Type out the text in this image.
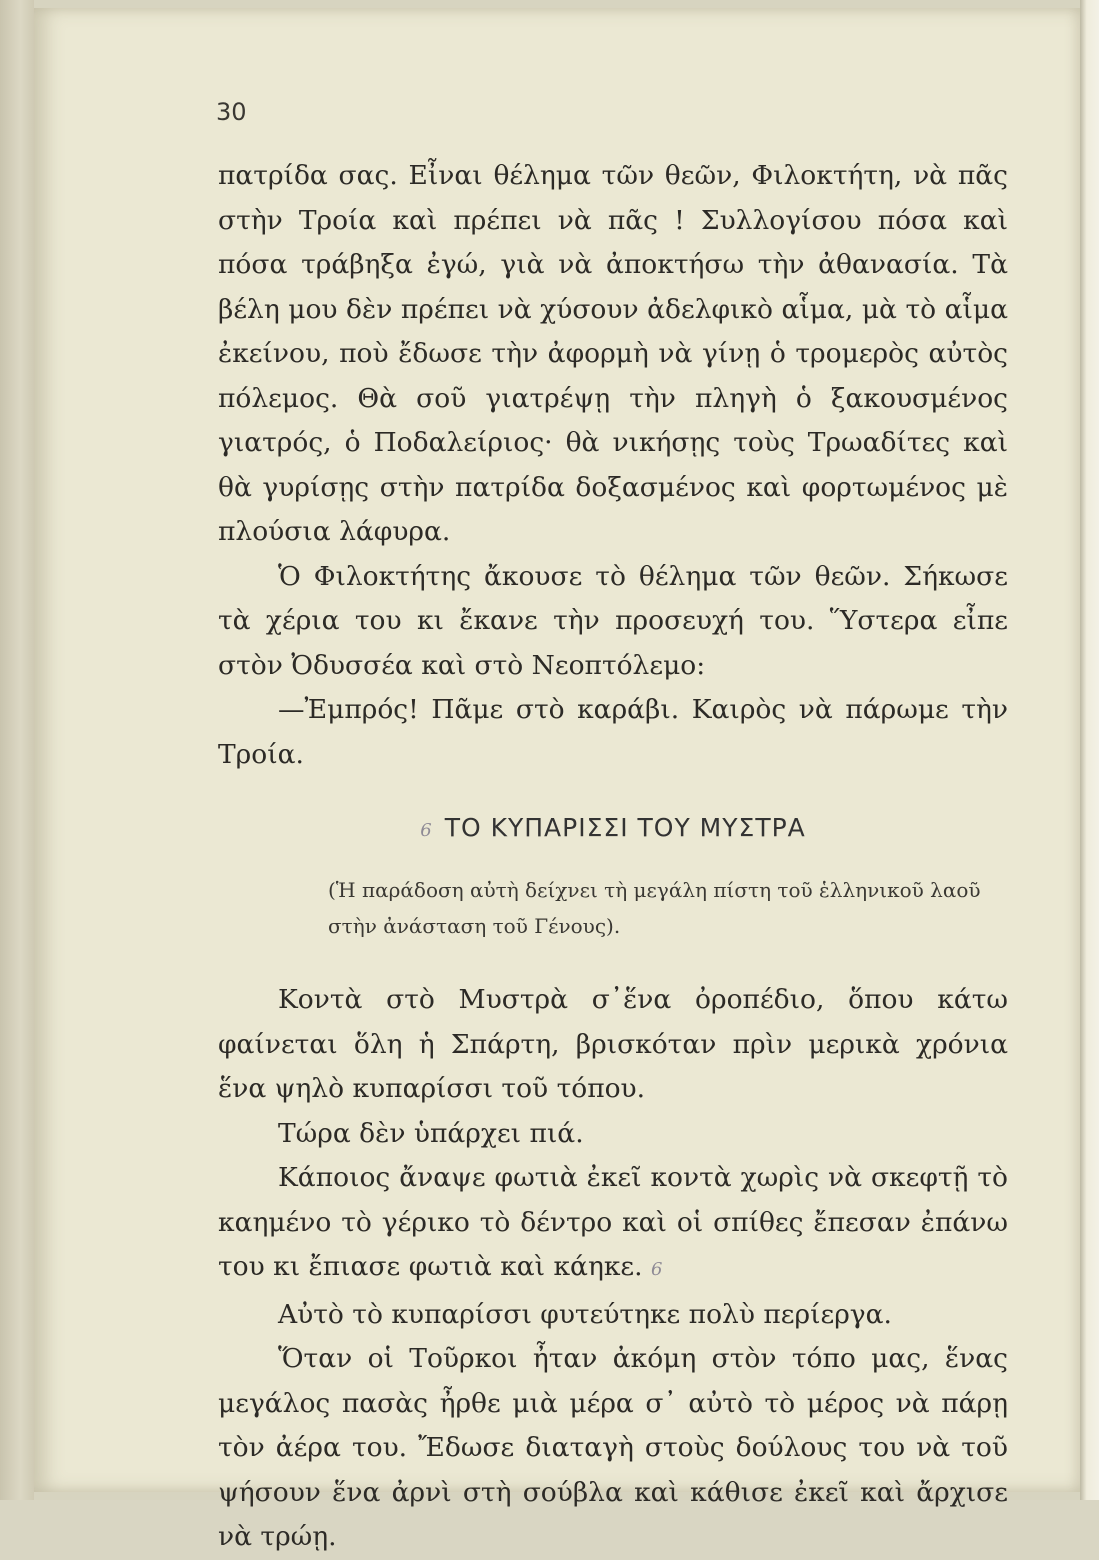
30

πατρίδα σας. Εἶναι θέλημα τῶν θεῶν, Φιλοκτήτη, νὰ πᾶς στὴν Τροία καὶ πρέπει νὰ πᾶς ! Συλλογίσου πόσα καὶ πόσα τράβηξα ἐγώ, γιὰ νὰ ἀποκτήσω τὴν ἀθανασία. Τὰ βέλη μου δὲν πρέπει νὰ χύσουν ἀδελφικὸ αἷμα, μὰ τὸ αἷμα ἐκείνου, ποὺ ἔδωσε τὴν ἀφορμὴ νὰ γίνῃ ὁ τρομερὸς αὐτὸς πόλεμος. Θὰ σοῦ γιατρέψῃ τὴν πληγὴ ὁ ξακουσμένος γιατρός, ὁ Ποδαλείριος· θὰ νικήσῃς τοὺς Τρωαδίτες καὶ θὰ γυρίσῃς στὴν πατρίδα δοξασμένος καὶ φορτωμένος μὲ πλούσια λάφυρα.

Ὁ Φιλοκτήτης ἄκουσε τὸ θέλημα τῶν θεῶν. Σήκωσε τὰ χέρια του κι ἔκανε τὴν προσευχή του. Ὕστερα εἶπε στὸν Ὀδυσσέα καὶ στὸ Νεοπτόλεμο:

—Ἐμπρός! Πᾶμε στὸ καράβι. Καιρὸς νὰ πάρωμε τὴν Τροία.

6 ΤΟ ΚΥΠΑΡΙΣΣΙ ΤΟΥ ΜΥΣΤΡΑ

(Ἡ παράδοση αὐτὴ δείχνει τὴ μεγάλη πίστη τοῦ ἑλληνικοῦ λαοῦ στὴν ἀνάσταση τοῦ Γένους).

Κοντὰ στὸ Μυστρὰ σ᾽ἕνα ὀροπέδιο, ὅπου κάτω φαίνεται ὅλη ἡ Σπάρτη, βρισκόταν πρὶν μερικὰ χρόνια ἕνα ψηλὸ κυπαρίσσι τοῦ τόπου.

Τώρα δὲν ὑπάρχει πιά.

Κάποιος ἄναψε φωτιὰ ἐκεῖ κοντὰ χωρὶς νὰ σκεφτῇ τὸ καημένο τὸ γέρικο τὸ δέντρο καὶ οἱ σπίθες ἔπεσαν ἐπάνω του κι ἔπιασε φωτιὰ καὶ κάηκε. 6

Αὐτὸ τὸ κυπαρίσσι φυτεύτηκε πολὺ περίεργα.

Ὅταν οἱ Τοῦρκοι ἦταν ἀκόμη στὸν τόπο μας, ἕνας μεγάλος πασὰς ἦρθε μιὰ μέρα σ᾽ αὐτὸ τὸ μέρος νὰ πάρῃ τὸν ἀέρα του. Ἔδωσε διαταγὴ στοὺς δούλους του νὰ τοῦ ψήσουν ἕνα ἀρνὶ στὴ σούβλα καὶ κάθισε ἐκεῖ καὶ ἄρχισε νὰ τρώῃ.
